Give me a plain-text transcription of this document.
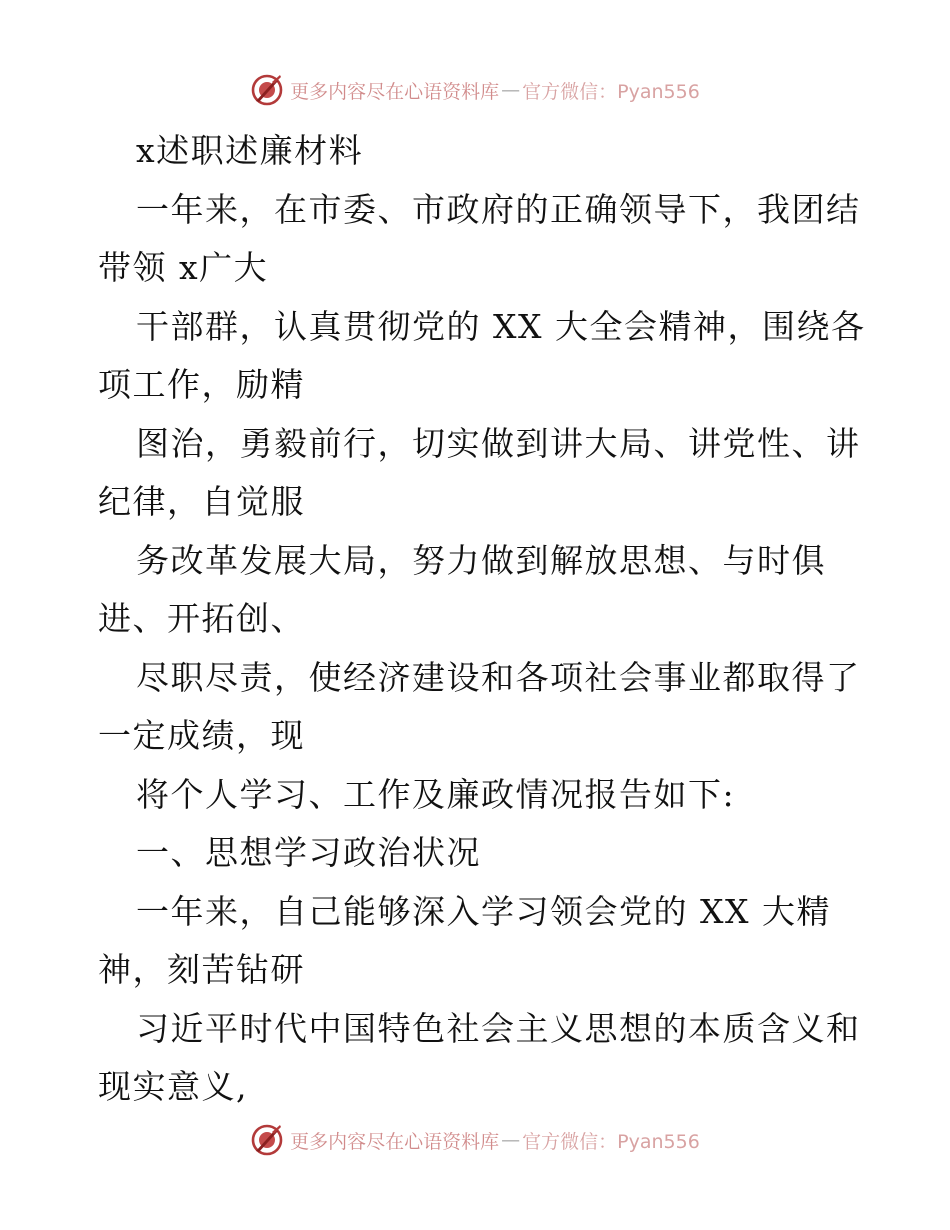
更多内容尽在心语资料库 — 官方微信：Pyan556
x述职述廉材料
一年来，在市委、市政府的正确领导下，我团结
带领 x广大
干部群，认真贯彻党的 XX 大全会精神，围绕各
项工作，励精
图治，勇毅前行，切实做到讲大局、讲党性、讲
纪律，自觉服
务改革发展大局，努力做到解放思想、与时俱
进、开拓创、
尽职尽责，使经济建设和各项社会事业都取得了
一定成绩，现
将个人学习、工作及廉政情况报告如下:
一、思想学习政治状况
一年来，自己能够深入学习领会党的 XX 大精
神，刻苦钻研
习近平时代中国特色社会主义思想的本质含义和
现实意义,
更多内容尽在心语资料库 — 官方微信：Pyan556
